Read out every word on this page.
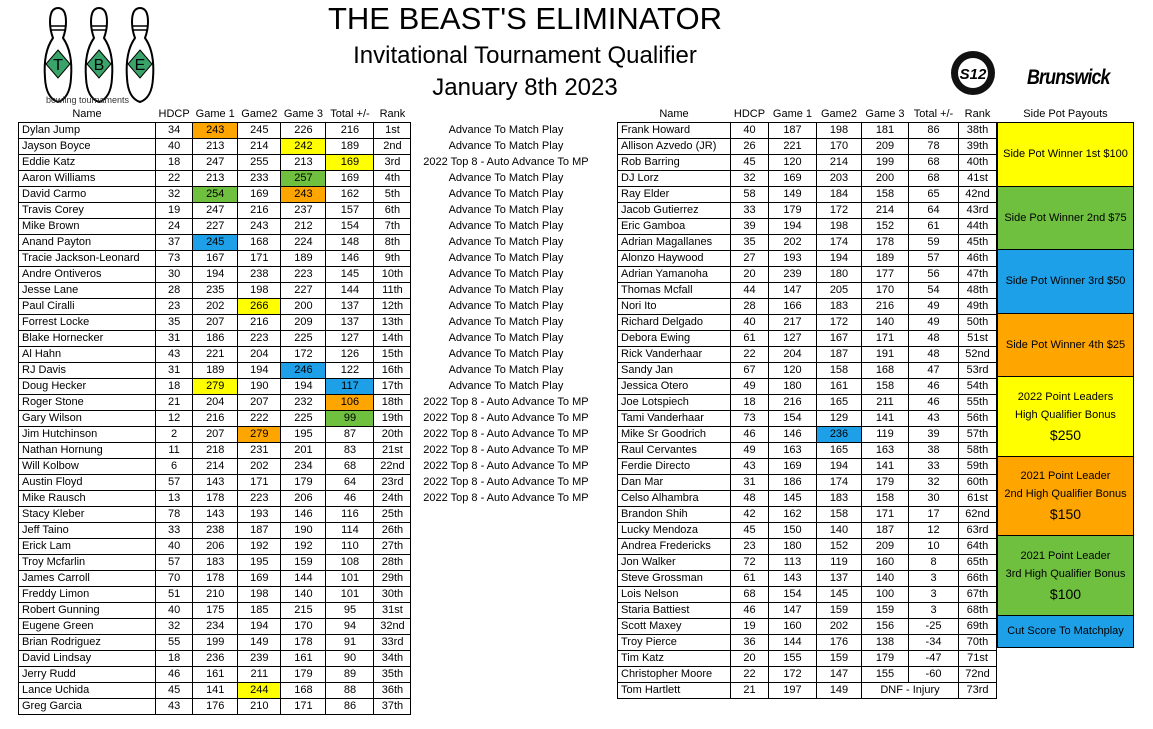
T B E
bowling tournaments
THE BEAST'S ELIMINATOR
Invitational Tournament Qualifier
January 8th 2023	S12 Brunswick
Name	HDCP	Game 1	Game2	Game 3	Total +/-	Rank	
Dylan Jump	34	243	245	226	216	1st	Advance To Match Play
Jayson Boyce	40	213	214	242	189	2nd	Advance To Match Play
Eddie Katz	18	247	255	213	169	3rd	2022 Top 8 - Auto Advance To MP
Aaron Williams	22	213	233	257	169	4th	Advance To Match Play
David Carmo	32	254	169	243	162	5th	Advance To Match Play
Travis Corey	19	247	216	237	157	6th	Advance To Match Play
Mike Brown	24	227	243	212	154	7th	Advance To Match Play
Anand Payton	37	245	168	224	148	8th	Advance To Match Play
Tracie Jackson-Leonard	73	167	171	189	146	9th	Advance To Match Play
Andre Ontiveros	30	194	238	223	145	10th	Advance To Match Play
Jesse Lane	28	235	198	227	144	11th	Advance To Match Play
Paul Ciralli	23	202	266	200	137	12th	Advance To Match Play
Forrest Locke	35	207	216	209	137	13th	Advance To Match Play
Blake Hornecker	31	186	223	225	127	14th	Advance To Match Play
Al Hahn	43	221	204	172	126	15th	Advance To Match Play
RJ Davis	31	189	194	246	122	16th	Advance To Match Play
Doug Hecker	18	279	190	194	117	17th	Advance To Match Play
Roger Stone	21	204	207	232	106	18th	2022 Top 8 - Auto Advance To MP
Gary Wilson	12	216	222	225	99	19th	2022 Top 8 - Auto Advance To MP
Jim Hutchinson	2	207	279	195	87	20th	2022 Top 8 - Auto Advance To MP
Nathan Hornung	11	218	231	201	83	21st	2022 Top 8 - Auto Advance To MP
Will Kolbow	6	214	202	234	68	22nd	2022 Top 8 - Auto Advance To MP
Austin Floyd	57	143	171	179	64	23rd	2022 Top 8 - Auto Advance To MP
Mike Rausch	13	178	223	206	46	24th	2022 Top 8 - Auto Advance To MP
Stacy Kleber	78	143	193	146	116	25th	
Jeff Taino	33	238	187	190	114	26th	
Erick Lam	40	206	192	192	110	27th	
Troy Mcfarlin	57	183	195	159	108	28th	
James Carroll	70	178	169	144	101	29th	
Freddy Limon	51	210	198	140	101	30th	
Robert Gunning	40	175	185	215	95	31st	
Eugene Green	32	234	194	170	94	32nd	
Brian Rodriguez	55	199	149	178	91	33rd	
David Lindsay	18	236	239	161	90	34th	
Jerry Rudd	46	161	211	179	89	35th	
Lance Uchida	45	141	244	168	88	36th	
Greg Garcia	43	176	210	171	86	37th	
Name	HDCP	Game 1	Game2	Game 3	Total +/-	Rank
Frank Howard	40	187	198	181	86	38th
Allison Azvedo (JR)	26	221	170	209	78	39th
Rob Barring	45	120	214	199	68	40th
DJ Lorz	32	169	203	200	68	41st
Ray Elder	58	149	184	158	65	42nd
Jacob Gutierrez	33	179	172	214	64	43rd
Eric Gamboa	39	194	198	152	61	44th
Adrian Magallanes	35	202	174	178	59	45th
Alonzo Haywood	27	193	194	189	57	46th
Adrian Yamanoha	20	239	180	177	56	47th
Thomas Mcfall	44	147	205	170	54	48th
Nori Ito	28	166	183	216	49	49th
Richard Delgado	40	217	172	140	49	50th
Debora Ewing	61	127	167	171	48	51st
Rick Vanderhaar	22	204	187	191	48	52nd
Sandy Jan	67	120	158	168	47	53rd
Jessica Otero	49	180	161	158	46	54th
Joe Lotspiech	18	216	165	211	46	55th
Tami Vanderhaar	73	154	129	141	43	56th
Mike Sr Goodrich	46	146	236	119	39	57th
Raul Cervantes	49	163	165	163	38	58th
Ferdie Directo	43	169	194	141	33	59th
Dan Mar	31	186	174	179	32	60th
Celso Alhambra	48	145	183	158	30	61st
Brandon Shih	42	162	158	171	17	62nd
Lucky Mendoza	45	150	140	187	12	63rd
Andrea Fredericks	23	180	152	209	10	64th
Jon Walker	72	113	119	160	8	65th
Steve Grossman	61	143	137	140	3	66th
Lois Nelson	68	154	145	100	3	67th
Staria Battiest	46	147	159	159	3	68th
Scott Maxey	19	160	202	156	-25	69th
Troy Pierce	36	144	176	138	-34	70th
Tim Katz	20	155	159	179	-47	71st
Christopher Moore	22	172	147	155	-60	72nd
Tom Hartlett	21	197	149	DNF - Injury		73rd
Side Pot Payouts
Side Pot Winner 1st $100
Side Pot Winner 2nd $75
Side Pot Winner 3rd $50
Side Pot Winner 4th $25
2022 Point Leaders
High Qualifier Bonus
$250
2021 Point Leader
2nd High Qualifier Bonus
$150
2021 Point Leader
3rd High Qualifier Bonus
$100
Cut Score To Matchplay
